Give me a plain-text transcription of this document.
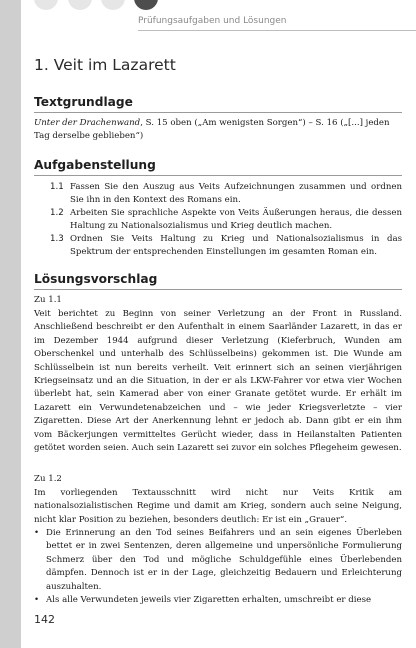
Prüfungsaufgaben und Lösungen
1. Veit im Lazarett
Textgrundlage
Unter der Drachenwand, S. 15 oben („Am wenigsten Sorgen“) – S. 16 („[...] jeden Tag derselbe geblieben“)
Aufgabenstellung
1.1 Fassen Sie den Auszug aus Veits Aufzeichnungen zusammen und ordnen Sie ihn in den Kontext des Romans ein.
1.2 Arbeiten Sie sprachliche Aspekte von Veits Äußerungen heraus, die dessen Haltung zu Nationalsozialismus und Krieg deutlich machen.
1.3 Ordnen Sie Veits Haltung zu Krieg und Nationalsozialismus in das Spektrum der entsprechenden Einstellungen im gesamten Roman ein.
Lösungsvorschlag
Zu 1.1
Veit berichtet zu Beginn von seiner Verletzung an der Front in Russland. Anschließend beschreibt er den Aufenthalt in einem Saarländer Lazarett, in das er im Dezember 1944 aufgrund dieser Verletzung (Kieferbruch, Wunden am Oberschenkel und unterhalb des Schlüsselbeins) gekommen ist. Die Wunde am Schlüsselbein ist nun bereits verheilt. Veit erinnert sich an seinen vierjährigen Kriegseinsatz und an die Situation, in der er als LKW-Fahrer vor etwa vier Wochen überlebt hat, sein Kamerad aber von einer Granate getötet wurde. Er erhält im Lazarett ein Verwundetenabzeichen und – wie jeder Kriegsverletzte – vier Zigaretten. Diese Art der Anerkennung lehnt er jedoch ab. Dann gibt er ein ihm vom Bäckerjungen vermitteltes Gerücht wieder, dass in Heilanstalten Patienten getötet worden seien. Auch sein Lazarett sei zuvor ein solches Pflegeheim gewesen.
Zu 1.2
Im vorliegenden Textausschnitt wird nicht nur Veits Kritik am nationalsozialistischen Regime und damit am Krieg, sondern auch seine Neigung, nicht klar Position zu beziehen, besonders deutlich: Er ist ein „Grauer“.
• Die Erinnerung an den Tod seines Beifahrers und an sein eigenes Überleben bettet er in zwei Sentenzen, deren allgemeine und unpersönliche Formulierung Schmerz über den Tod und mögliche Schuldgefühle eines Überlebenden dämpfen. Dennoch ist er in der Lage, gleichzeitig Bedauern und Erleichterung auszuhalten.
• Als alle Verwundeten jeweils vier Zigaretten erhalten, umschreibt er diese
142
